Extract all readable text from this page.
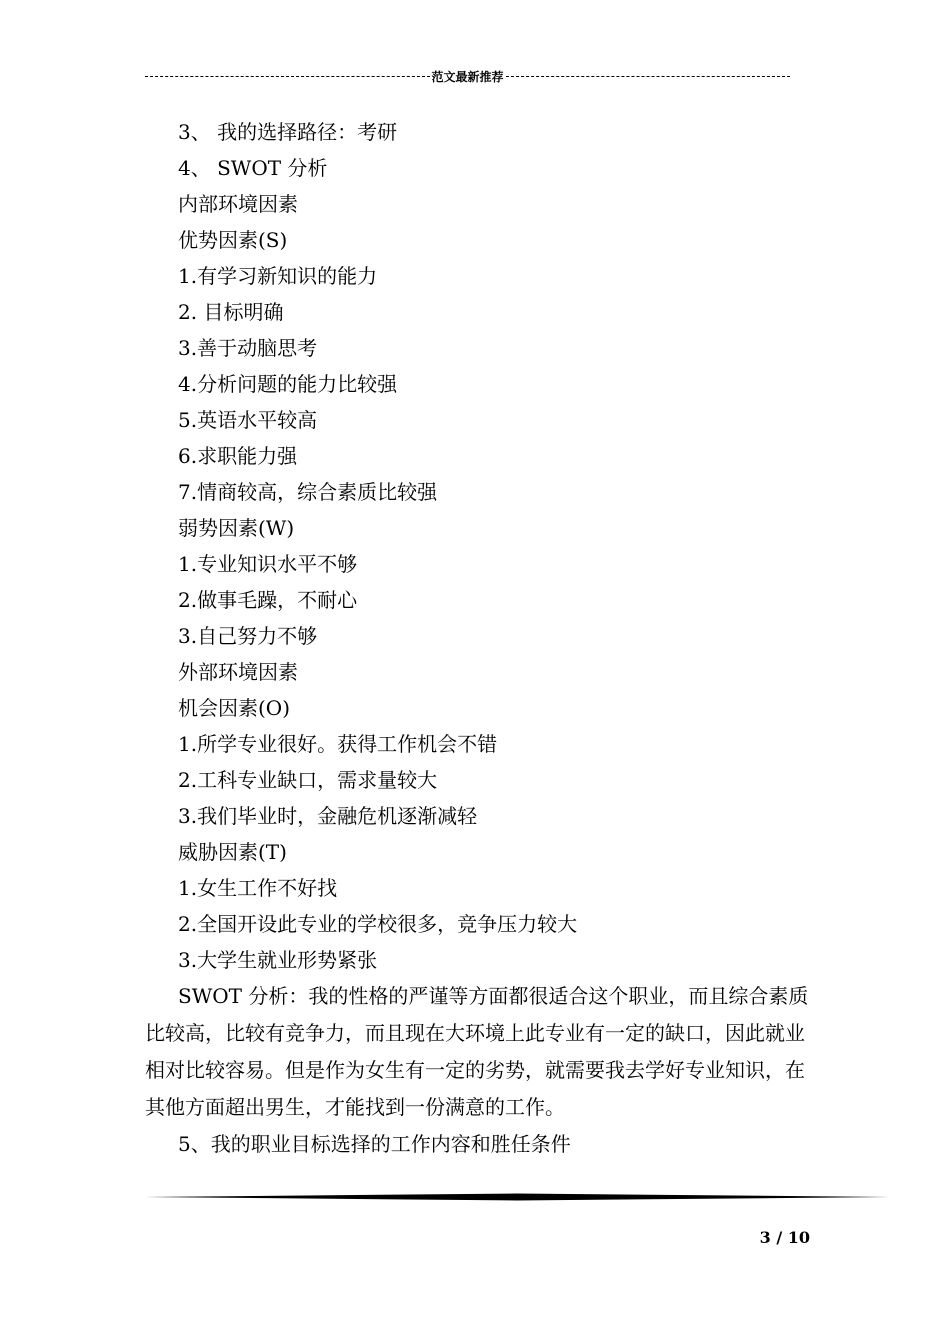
范文最新推荐
3、 我的选择路径：考研
4、 SWOT 分析
内部环境因素
优势因素(S)
1.有学习新知识的能力
2. 目标明确
3.善于动脑思考
4.分析问题的能力比较强
5.英语水平较高
6.求职能力强
7.情商较高，综合素质比较强
弱势因素(W)
1.专业知识水平不够
2.做事毛躁，不耐心
3.自己努力不够
外部环境因素
机会因素(O)
1.所学专业很好。获得工作机会不错
2.工科专业缺口，需求量较大
3.我们毕业时，金融危机逐渐减轻
威胁因素(T)
1.女生工作不好找
2.全国开设此专业的学校很多，竞争压力较大
3.大学生就业形势紧张

SWOT 分析：我的性格的严谨等方面都很适合这个职业，而且综合素质比较高，比较有竞争力，而且现在大环境上此专业有一定的缺口，因此就业相对比较容易。但是作为女生有一定的劣势，就需要我去学好专业知识，在其他方面超出男生，才能找到一份满意的工作。

5、我的职业目标选择的工作内容和胜任条件
3 / 10
